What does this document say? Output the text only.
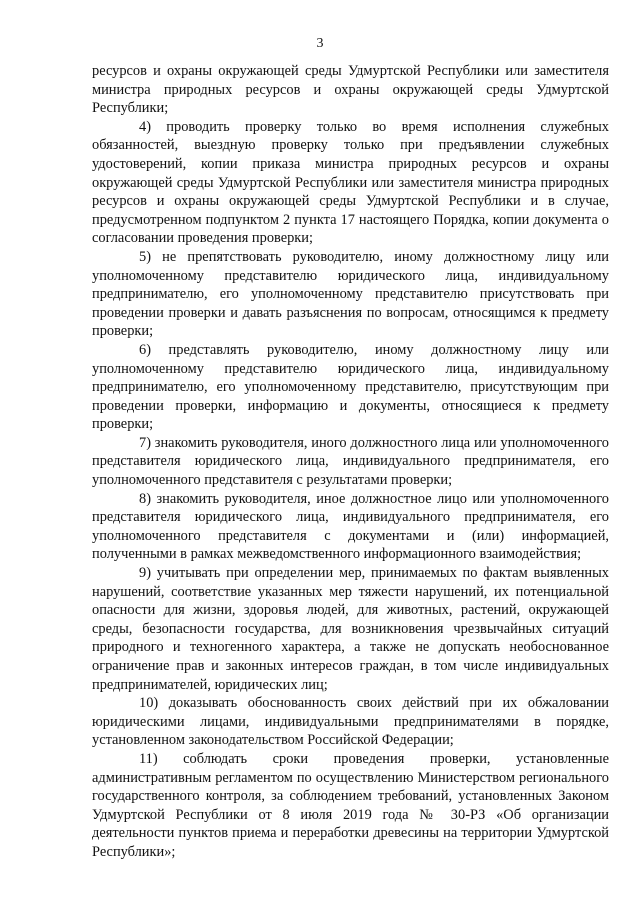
3

ресурсов и охраны окружающей среды Удмуртской Республики или заместителя министра природных ресурсов и охраны окружающей среды Удмуртской Республики;

4) проводить проверку только во время исполнения служебных обязанностей, выездную проверку только при предъявлении служебных удостоверений, копии приказа министра природных ресурсов и охраны окружающей среды Удмуртской Республики или заместителя министра природных ресурсов и охраны окружающей среды Удмуртской Республики и в случае, предусмотренном подпунктом 2 пункта 17 настоящего Порядка, копии документа о согласовании проведения проверки;

5) не препятствовать руководителю, иному должностному лицу или уполномоченному представителю юридического лица, индивидуальному предпринимателю, его уполномоченному представителю присутствовать при проведении проверки и давать разъяснения по вопросам, относящимся к предмету проверки;

6) представлять руководителю, иному должностному лицу или уполномоченному представителю юридического лица, индивидуальному предпринимателю, его уполномоченному представителю, присутствующим при проведении проверки, информацию и документы, относящиеся к предмету проверки;

7) знакомить руководителя, иного должностного лица или уполномоченного представителя юридического лица, индивидуального предпринимателя, его уполномоченного представителя с результатами проверки;

8) знакомить руководителя, иное должностное лицо или уполномоченного представителя юридического лица, индивидуального предпринимателя, его уполномоченного представителя с документами и (или) информацией, полученными в рамках межведомственного информационного взаимодействия;

9) учитывать при определении мер, принимаемых по фактам выявленных нарушений, соответствие указанных мер тяжести нарушений, их потенциальной опасности для жизни, здоровья людей, для животных, растений, окружающей среды, безопасности государства, для возникновения чрезвычайных ситуаций природного и техногенного характера, а также не допускать необоснованное ограничение прав и законных интересов граждан, в том числе индивидуальных предпринимателей, юридических лиц;

10) доказывать обоснованность своих действий при их обжаловании юридическими лицами, индивидуальными предпринимателями в порядке, установленном законодательством Российской Федерации;

11) соблюдать сроки проведения проверки, установленные административным регламентом по осуществлению Министерством регионального государственного контроля, за соблюдением требований, установленных Законом Удмуртской Республики от 8 июля 2019 года № 30-РЗ «Об организации деятельности пунктов приема и переработки древесины на территории Удмуртской Республики»;
